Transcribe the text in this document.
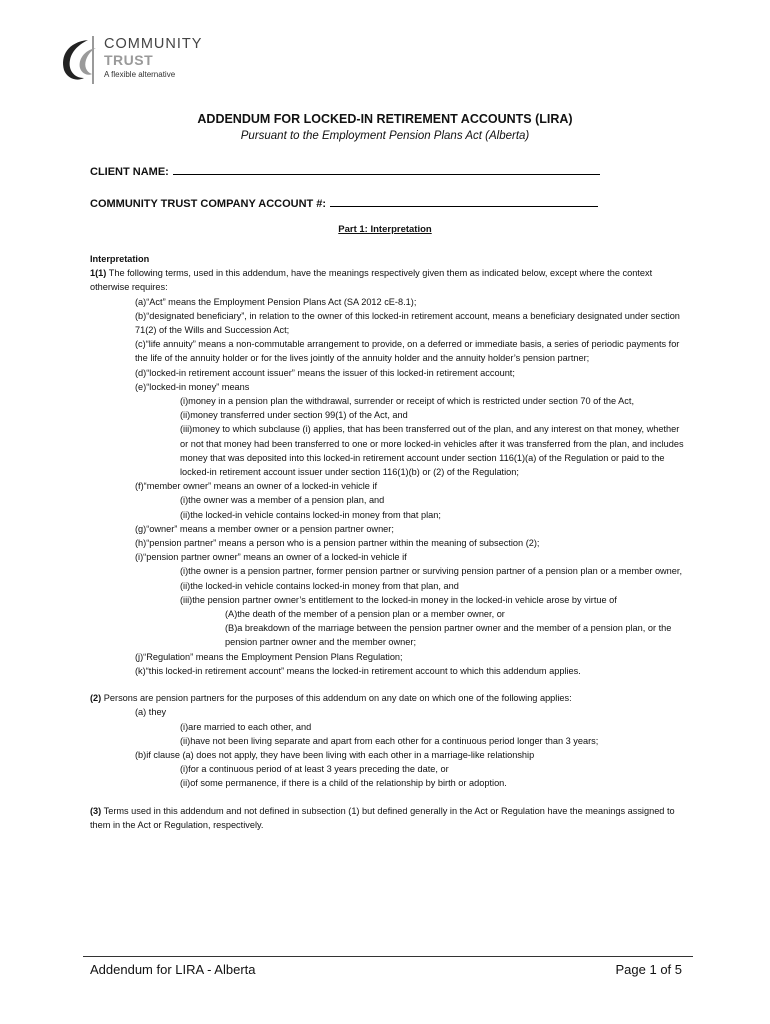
COMMUNITY
TRUST
A flexible alternative
ADDENDUM FOR LOCKED-IN RETIREMENT ACCOUNTS (LIRA)
Pursuant to the Employment Pension Plans Act (Alberta)
CLIENT NAME:
COMMUNITY TRUST COMPANY ACCOUNT #:
Part 1: Interpretation

Interpretation

1(1) The following terms, used in this addendum, have the meanings respectively given them as indicated below, except where the context otherwise requires:

(a)“Act” means the Employment Pension Plans Act (SA 2012 cE-8.1);

(b)“designated beneficiary”, in relation to the owner of this locked-in retirement account, means a beneficiary designated under section 71(2) of the Wills and Succession Act;

(c)“life annuity” means a non-commutable arrangement to provide, on a deferred or immediate basis, a series of periodic payments for the life of the annuity holder or for the lives jointly of the annuity holder and the annuity holder’s pension partner;

(d)“locked-in retirement account issuer” means the issuer of this locked-in retirement account;

(e)“locked-in money” means

(i)money in a pension plan the withdrawal, surrender or receipt of which is restricted under section 70 of the Act,

(ii)money transferred under section 99(1) of the Act, and

(iii)money to which subclause (i) applies, that has been transferred out of the plan, and any interest on that money, whether or not that money had been transferred to one or more locked-in vehicles after it was transferred from the plan, and includes money that was deposited into this locked-in retirement account under section 116(1)(a) of the Regulation or paid to the locked-in retirement account issuer under section 116(1)(b) or (2) of the Regulation;

(f)“member owner” means an owner of a locked-in vehicle if

(i)the owner was a member of a pension plan, and

(ii)the locked-in vehicle contains locked-in money from that plan;

(g)“owner” means a member owner or a pension partner owner;

(h)“pension partner” means a person who is a pension partner within the meaning of subsection (2);

(i)“pension partner owner” means an owner of a locked-in vehicle if

(i)the owner is a pension partner, former pension partner or surviving pension partner of a pension plan or a member owner,

(ii)the locked-in vehicle contains locked-in money from that plan, and

(iii)the pension partner owner’s entitlement to the locked-in money in the locked-in vehicle arose by virtue of

(A)the death of the member of a pension plan or a member owner, or

(B)a breakdown of the marriage between the pension partner owner and the member of a pension plan, or the pension partner owner and the member owner;

(j)“Regulation” means the Employment Pension Plans Regulation;

(k)“this locked-in retirement account” means the locked-in retirement account to which this addendum applies.

(2) Persons are pension partners for the purposes of this addendum on any date on which one of the following applies:

(a) they

(i)are married to each other, and

(ii)have not been living separate and apart from each other for a continuous period longer than 3 years;

(b)if clause (a) does not apply, they have been living with each other in a marriage-like relationship

(i)for a continuous period of at least 3 years preceding the date, or

(ii)of some permanence, if there is a child of the relationship by birth or adoption.

(3) Terms used in this addendum and not defined in subsection (1) but defined generally in the Act or Regulation have the meanings assigned to them in the Act or Regulation, respectively.

Addendum for LIRA - Alberta	Page 1 of 5
